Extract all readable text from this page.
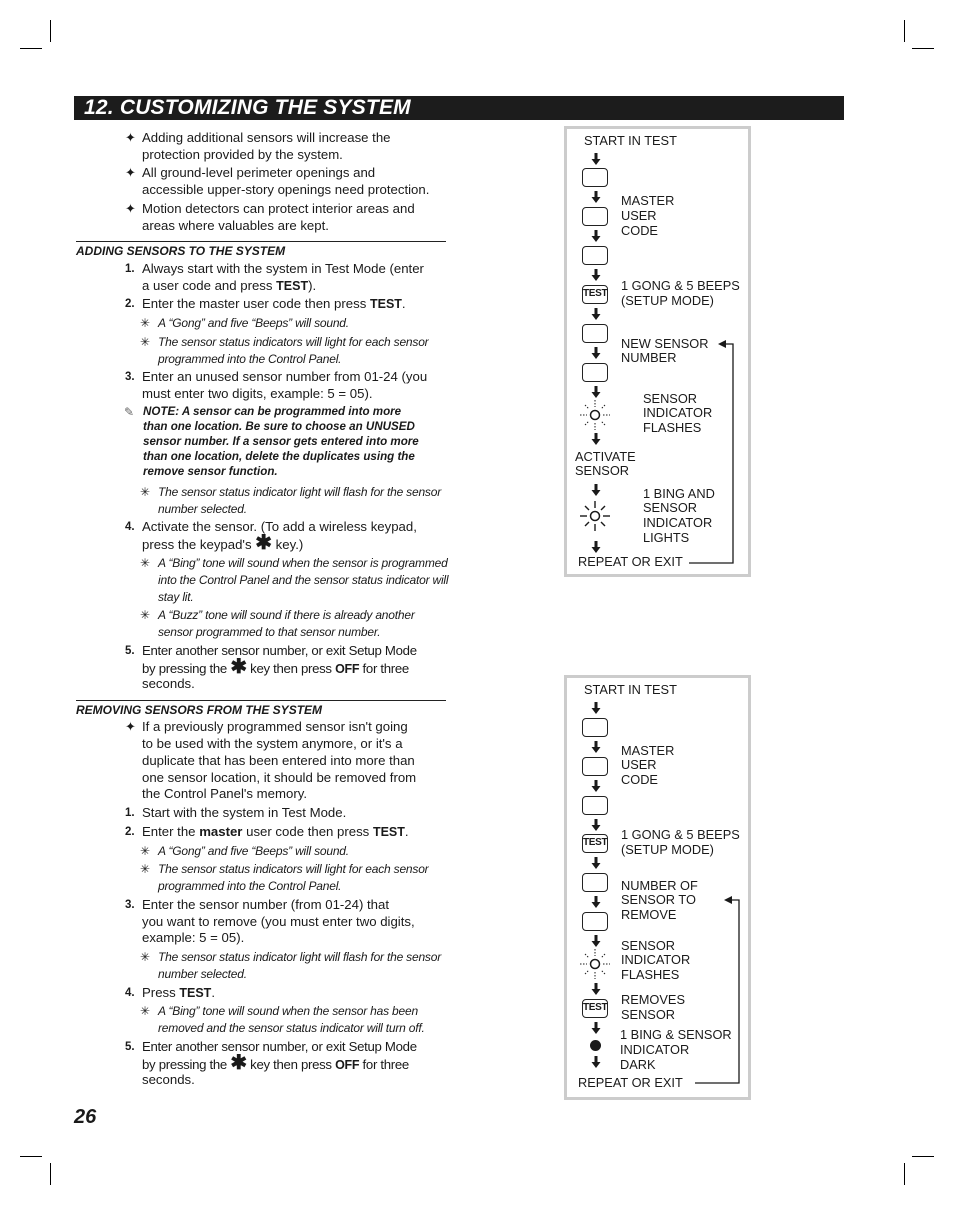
12. CUSTOMIZING THE SYSTEM
✦ Adding additional sensors will increase the
protection provided by the system.
✦ All ground-level perimeter openings and
accessible upper-story openings need protection.
✦ Motion detectors can protect interior areas and
areas where valuables are kept.
ADDING SENSORS TO THE SYSTEM
1. Always start with the system in Test Mode (enter
a user code and press TEST).
2. Enter the master user code then press TEST.
✳ A “Gong” and five “Beeps” will sound.
✳ The sensor status indicators will light for each sensor
programmed into the Control Panel.
3. Enter an unused sensor number from 01-24 (you
must enter two digits, example: 5 = 05).
✎ NOTE: A sensor can be programmed into more
than one location. Be sure to choose an UNUSED
sensor number. If a sensor gets entered into more
than one location, delete the duplicates using the
remove sensor function.
✳ The sensor status indicator light will flash for the sensor
number selected.
4. Activate the sensor. (To add a wireless keypad,
press the keypad's ✱ key.)
✳ A “Bing” tone will sound when the sensor is programmed
into the Control Panel and the sensor status indicator will
stay lit.
✳ A “Buzz” tone will sound if there is already another
sensor programmed to that sensor number.
5. Enter another sensor number, or exit Setup Mode
by pressing the ✱ key then press OFF for three
seconds.
REMOVING SENSORS FROM THE SYSTEM
✦ If a previously programmed sensor isn't going
to be used with the system anymore, or it's a
duplicate that has been entered into more than
one sensor location, it should be removed from
the Control Panel's memory.
1. Start with the system in Test Mode.
2. Enter the master user code then press TEST.
✳ A “Gong” and five “Beeps” will sound.
✳ The sensor status indicators will light for each sensor
programmed into the Control Panel.
3. Enter the sensor number (from 01-24) that
you want to remove (you must enter two digits,
example: 5 = 05).
✳ The sensor status indicator light will flash for the sensor
number selected.
4. Press TEST.
✳ A “Bing” tone will sound when the sensor has been
removed and the sensor status indicator will turn off.
5. Enter another sensor number, or exit Setup Mode
by pressing the ✱ key then press OFF for three
seconds.
26
START IN TEST
MASTER
USER
CODE
TEST
1 GONG & 5 BEEPS
(SETUP MODE)
NEW SENSOR
NUMBER
SENSOR
INDICATOR
FLASHES
ACTIVATE
SENSOR
1 BING AND
SENSOR
INDICATOR
LIGHTS
REPEAT OR EXIT
START IN TEST
MASTER
USER
CODE
TEST
1 GONG & 5 BEEPS
(SETUP MODE)
NUMBER OF
SENSOR TO
REMOVE
SENSOR
INDICATOR
FLASHES
TEST
REMOVES
SENSOR
1 BING & SENSOR
INDICATOR
DARK
REPEAT OR EXIT
